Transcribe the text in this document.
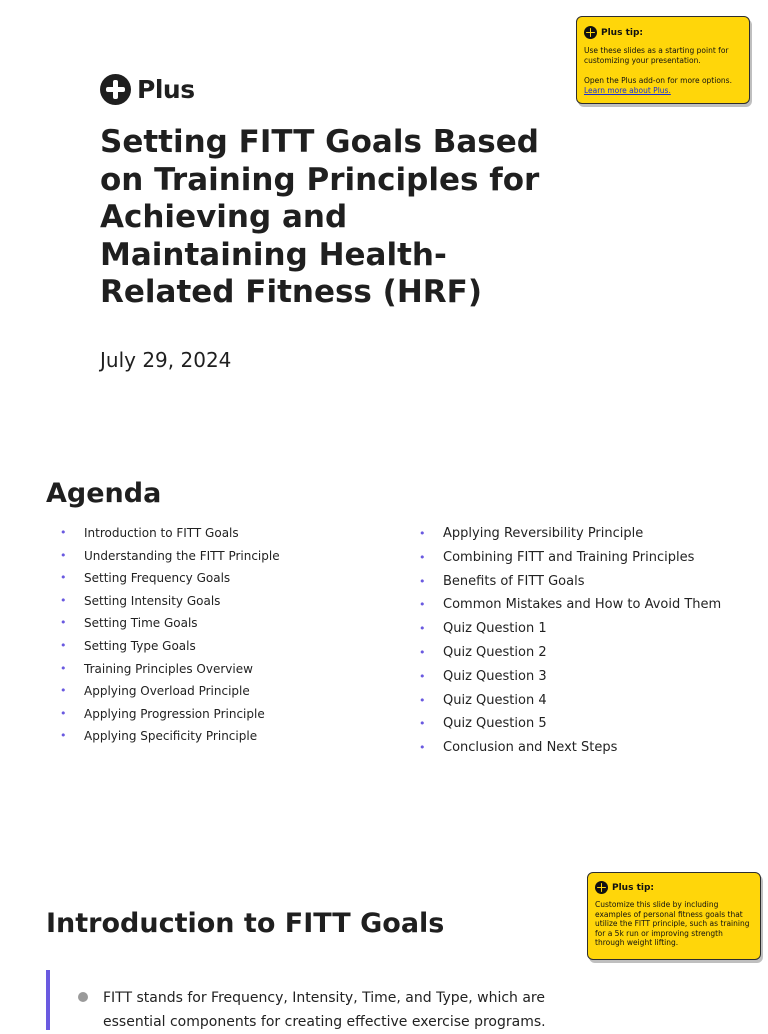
Plus tip:

Use these slides as a starting point for customizing your presentation.

Open the Plus add-on for more options. Learn more about Plus.

Plus
Setting FITT Goals Based on Training Principles for Achieving and Maintaining Health-Related Fitness (HRF)
July 29, 2024
Agenda
• Introduction to FITT Goals
• Understanding the FITT Principle
• Setting Frequency Goals
• Setting Intensity Goals
• Setting Time Goals
• Setting Type Goals
• Training Principles Overview
• Applying Overload Principle
• Applying Progression Principle
• Applying Specificity Principle
• Applying Reversibility Principle
• Combining FITT and Training Principles
• Benefits of FITT Goals
• Common Mistakes and How to Avoid Them
• Quiz Question 1
• Quiz Question 2
• Quiz Question 3
• Quiz Question 4
• Quiz Question 5
• Conclusion and Next Steps
Plus tip:

Customize this slide by including examples of personal fitness goals that utilize the FITT principle, such as training for a 5k run or improving strength through weight lifting.

Introduction to FITT Goals

FITT stands for Frequency, Intensity, Time, and Type, which are essential components for creating effective exercise programs.
